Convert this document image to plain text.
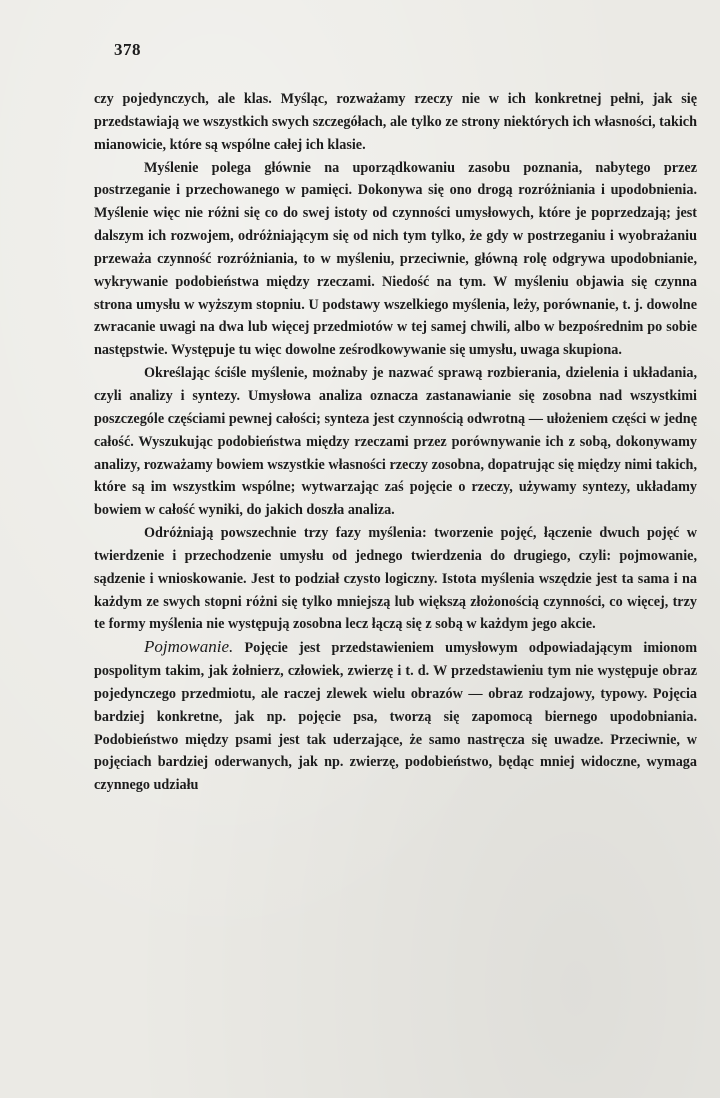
378

czy pojedynczych, ale klas. Myśląc, rozważamy rzeczy nie w ich konkretnej pełni, jak się przedstawiają we wszystkich swych szczegółach, ale tylko ze strony niektórych ich własności, takich mianowicie, które są wspólne całej ich klasie.

Myślenie polega głównie na uporządkowaniu zasobu poznania, nabytego przez postrzeganie i przechowanego w pamięci. Dokonywa się ono drogą rozróżniania i upodobnienia. Myślenie więc nie różni się co do swej istoty od czynności umysłowych, które je poprzedzają; jest dalszym ich rozwojem, odróżniającym się od nich tym tylko, że gdy w postrzeganiu i wyobrażaniu przeważa czynność rozróżniania, to w myśleniu, przeciwnie, główną rolę odgrywa upodobnianie, wykrywanie podobieństwa między rzeczami. Niedość na tym. W myśleniu objawia się czynna strona umysłu w wyższym stopniu. U podstawy wszelkiego myślenia, leży, porównanie, t. j. dowolne zwracanie uwagi na dwa lub więcej przedmiotów w tej samej chwili, albo w bezpośrednim po sobie następstwie. Występuje tu więc dowolne ześrodkowywanie się umysłu, uwaga skupiona.

Określając ściśle myślenie, możnaby je nazwać sprawą rozbierania, dzielenia i układania, czyli analizy i syntezy. Umysłowa analiza oznacza zastanawianie się zosobna nad wszystkimi poszczególe częściami pewnej całości; synteza jest czynnością odwrotną — ułożeniem części w jednę całość. Wyszukując podobieństwa między rzeczami przez porównywanie ich z sobą, dokonywamy analizy, rozważamy bowiem wszystkie własności rzeczy zosobna, dopatrując się między nimi takich, które są im wszystkim wspólne; wytwarzając zaś pojęcie o rzeczy, używamy syntezy, układamy bowiem w całość wyniki, do jakich doszła analiza.

Odróżniają powszechnie trzy fazy myślenia: tworzenie pojęć, łączenie dwuch pojęć w twierdzenie i przechodzenie umysłu od jednego twierdzenia do drugiego, czyli: pojmowanie, sądzenie i wnioskowanie. Jest to podział czysto logiczny. Istota myślenia wszędzie jest ta sama i na każdym ze swych stopni różni się tylko mniejszą lub większą złożonością czynności, co więcej, trzy te formy myślenia nie występują zosobna lecz łączą się z sobą w każdym jego akcie.

Pojmowanie. Pojęcie jest przedstawieniem umysłowym odpowiadającym imionom pospolitym takim, jak żołnierz, człowiek, zwierzę i t. d. W przedstawieniu tym nie występuje obraz pojedynczego przedmiotu, ale raczej zlewek wielu obrazów — obraz rodzajowy, typowy. Pojęcia bardziej konkretne, jak np. pojęcie psa, tworzą się zapomocą biernego upodobniania. Podobieństwo między psami jest tak uderzające, że samo nastręcza się uwadze. Przeciwnie, w pojęciach bardziej oderwanych, jak np. zwierzę, podobieństwo, będąc mniej widoczne, wymaga czynnego udziału
